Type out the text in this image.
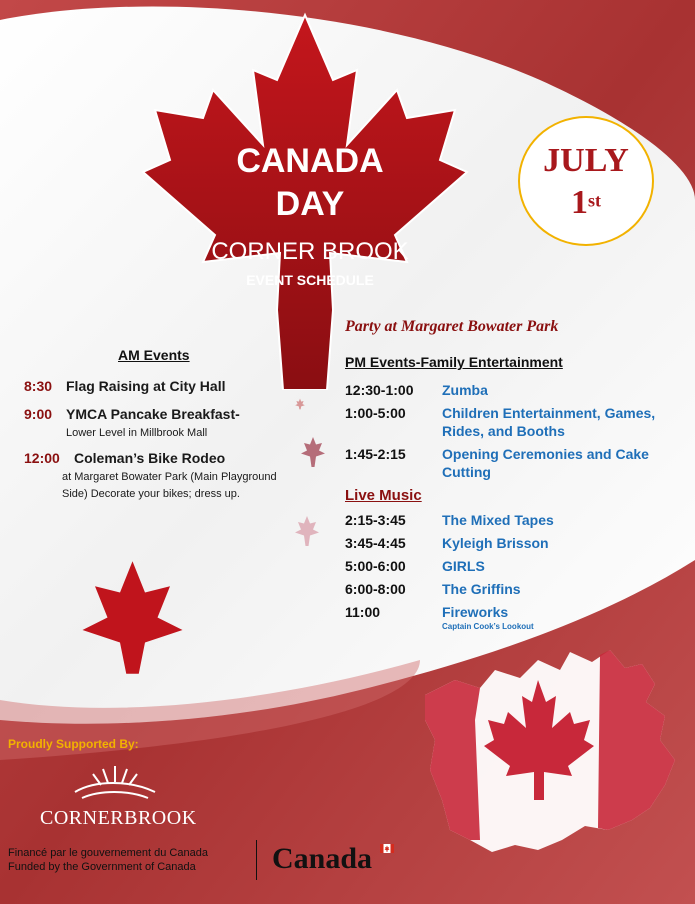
CANADA
DAY
CORNER BROOK
EVENT SCHEDULE
JULY
1st
Party at Margaret Bowater Park
AM Events
8:30 Flag Raising at City Hall
9:00 YMCA Pancake Breakfast-
Lower Level in Millbrook Mall
12:00 Coleman’s Bike Rodeo
at Margaret Bowater Park (Main Playground Side) Decorate your bikes; dress up.
PM Events-Family Entertainment
12:30-1:00 Zumba
1:00-5:00	Children Entertainment, Games, Rides, and Booths
1:45-2:15	Opening Ceremonies and Cake Cutting
Live Music
2:15-3:45	The Mixed Tapes
3:45-4:45	Kyleigh Brisson
5:00-6:00	GIRLS
6:00-8:00	The Griffins
11:00	Fireworks
Captain Cook’s Lookout
Proudly Supported By:
CORNERBROOK
Financé par le gouvernement du Canada
Funded by the Government of Canada	Canada
